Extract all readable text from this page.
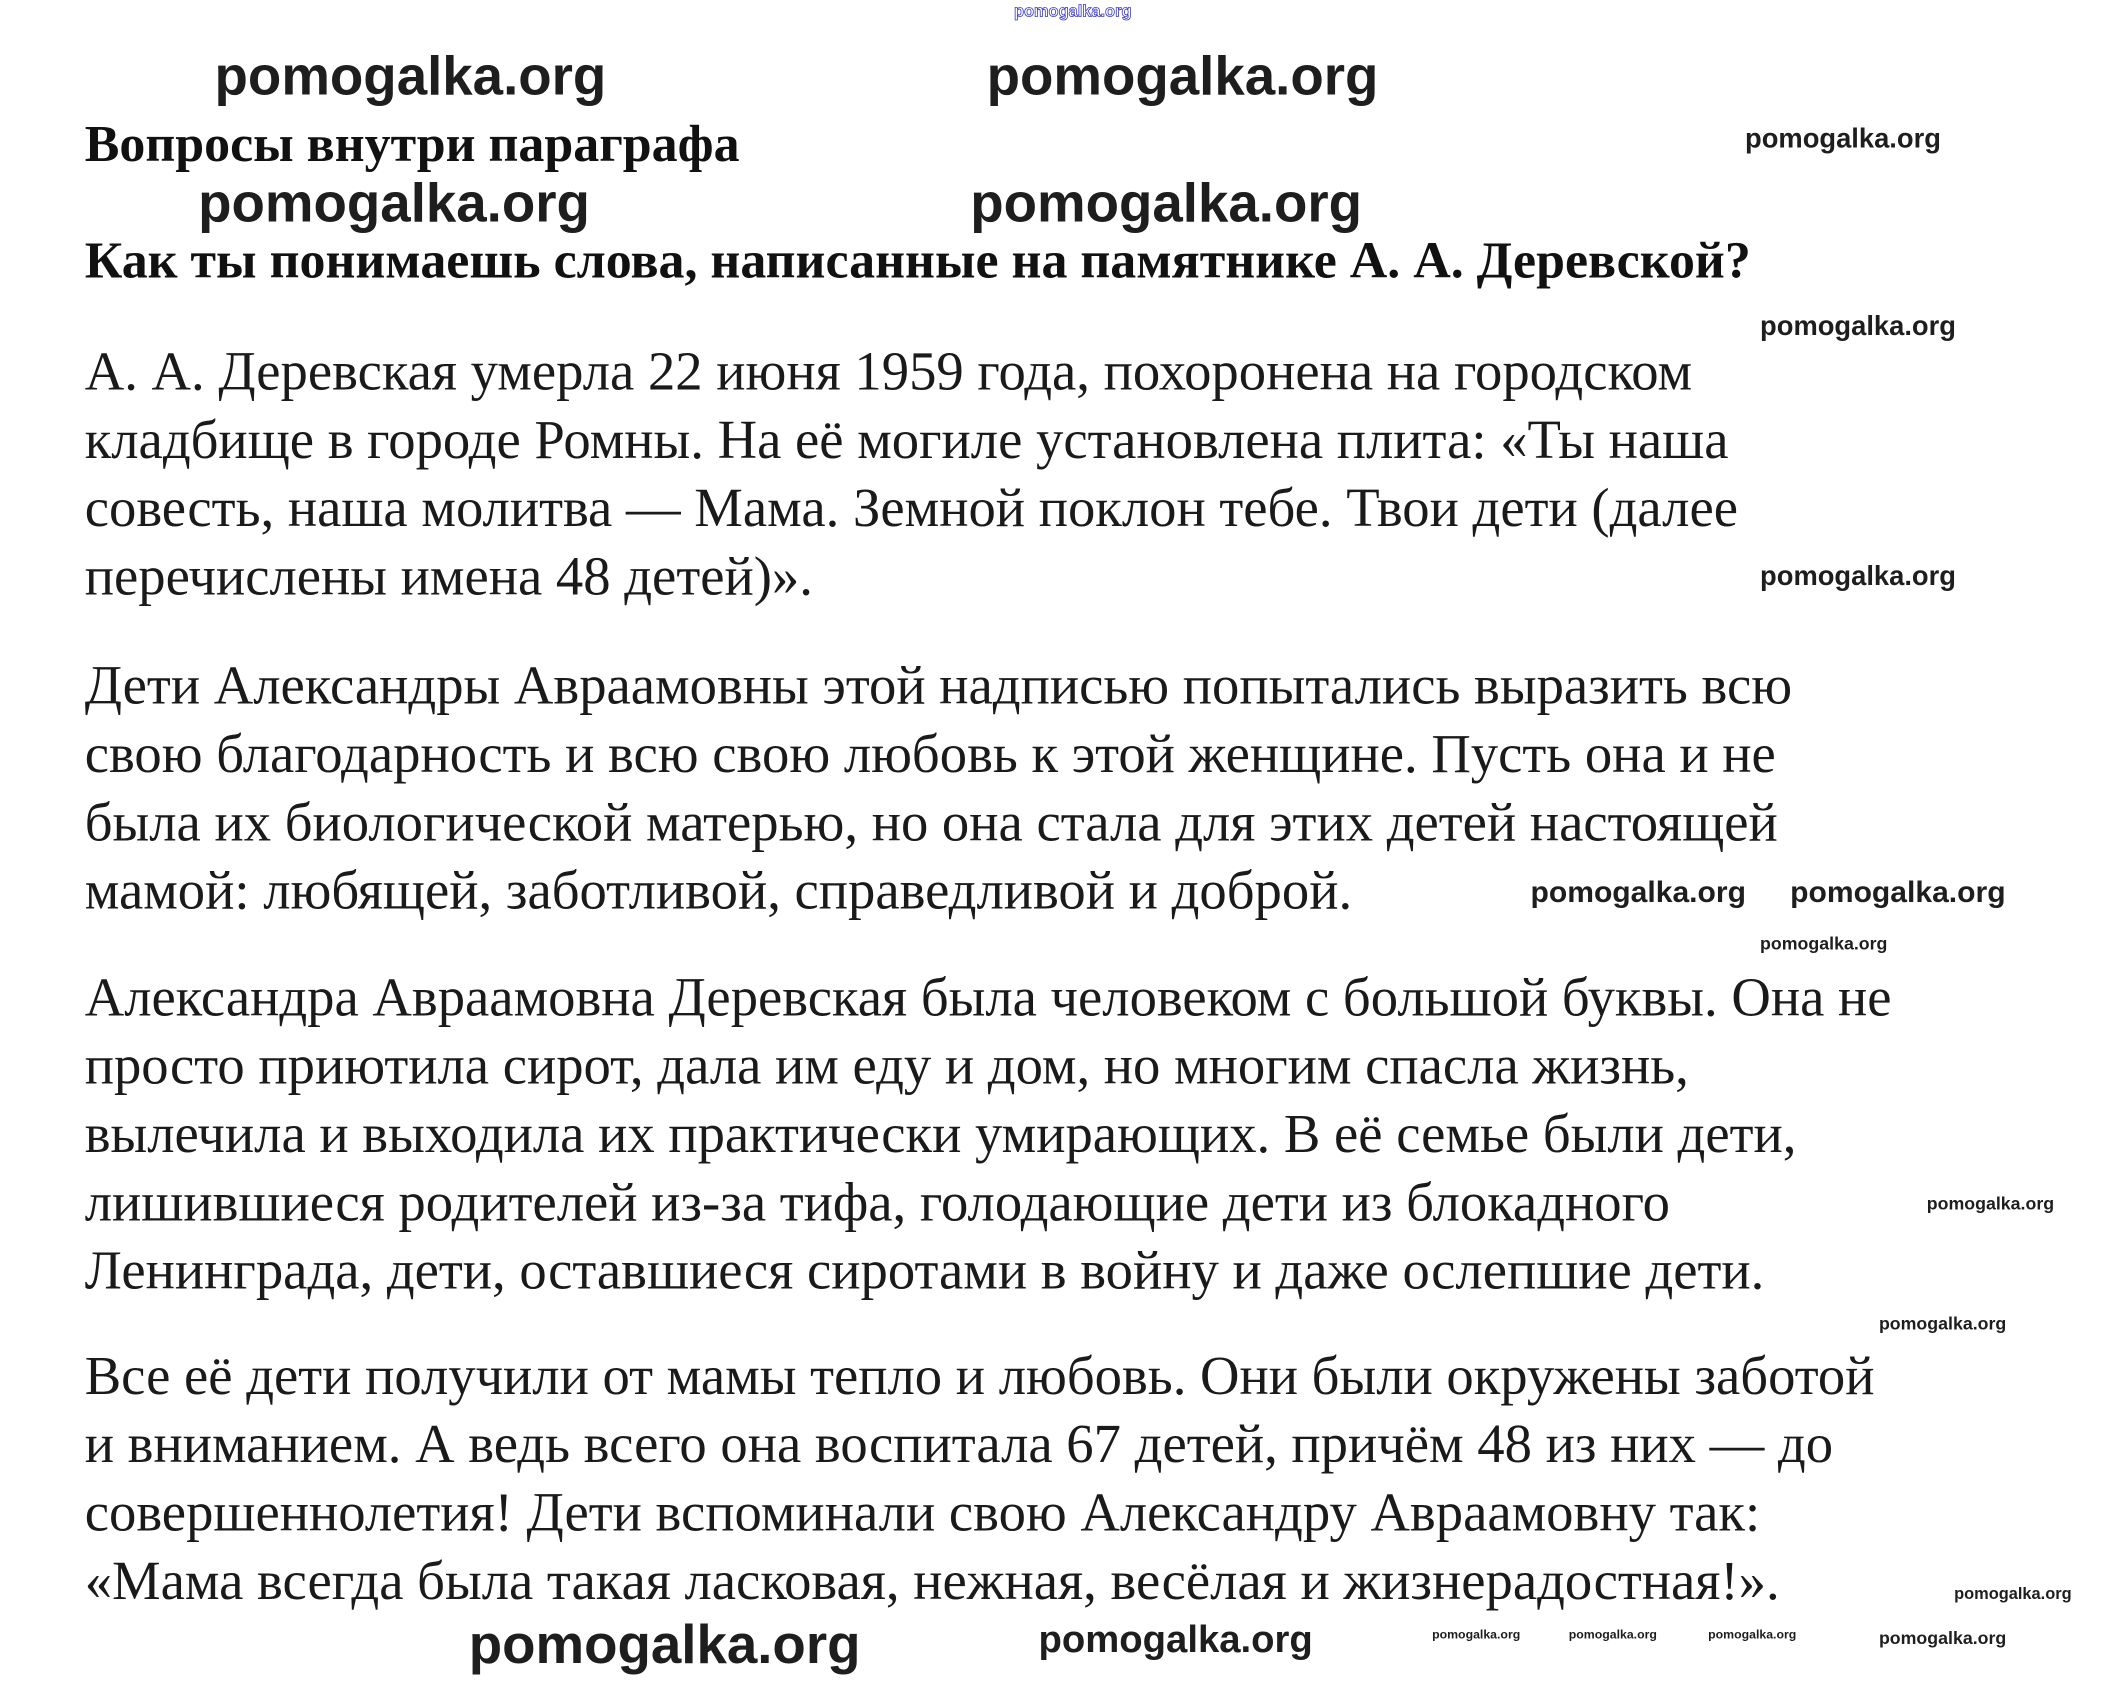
pomogalka.org
Вопросы внутри параграфа
Как ты понимаешь слова, написанные на памятнике А. А. Деревской?
А. А. Деревская умерла 22 июня 1959 года, похоронена на городском
кладбище в городе Ромны. На её могиле установлена плита: «Ты наша
совесть, наша молитва — Мама. Земной поклон тебе. Твои дети (далее
перечислены имена 48 детей)».
Дети Александры Авраамовны этой надписью попытались выразить всю
свою благодарность и всю свою любовь к этой женщине. Пусть она и не
была их биологической матерью, но она стала для этих детей настоящей
мамой: любящей, заботливой, справедливой и доброй.
Александра Авраамовна Деревская была человеком с большой буквы. Она не
просто приютила сирот, дала им еду и дом, но многим спасла жизнь,
вылечила и выходила их практически умирающих. В её семье были дети,
лишившиеся родителей из-за тифа, голодающие дети из блокадного
Ленинграда, дети, оставшиеся сиротами в войну и даже ослепшие дети.
Все её дети получили от мамы тепло и любовь. Они были окружены заботой
и вниманием. А ведь всего она воспитала 67 детей, причём 48 из них — до
совершеннолетия! Дети вспоминали свою Александру Авраамовну так:
«Мама всегда была такая ласковая, нежная, весёлая и жизнерадостная!».
pomogalka.org
pomogalka.org	pomogalka.org
pomogalka.org	pomogalka.org
pomogalka.org
pomogalka.org
pomogalka.org pomogalka.org
pomogalka.org
pomogalka.org
pomogalka.org
pomogalka.org
pomogalka.org	pomogalka.org	pomogalka.org
pomogalka.org	pomogalka.org	pomogalka.org
